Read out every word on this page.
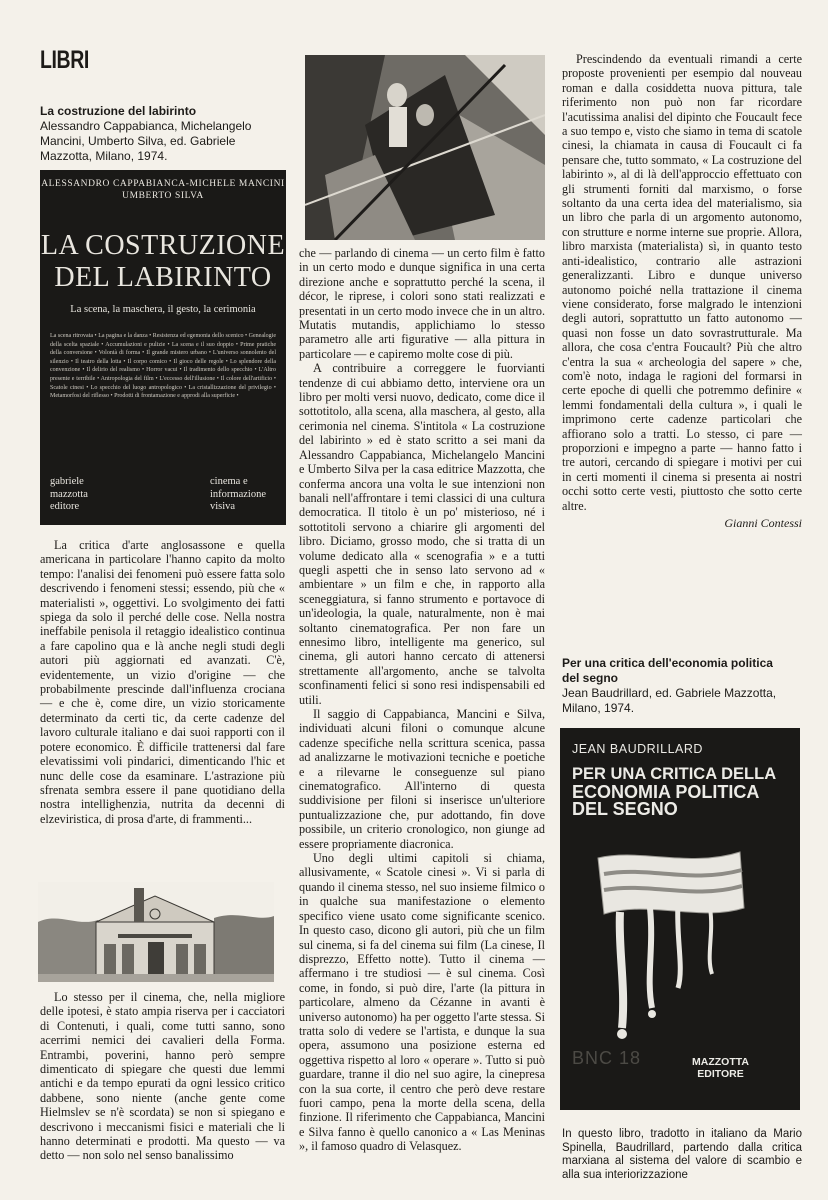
LIBRI
La costruzione del labirinto
Alessandro Cappabianca, Michelangelo Mancini, Umberto Silva, ed. Gabriele Mazzotta, Milano, 1974.
ALESSANDRO CAPPABIANCA-MICHELE MANCINI
UMBERTO SILVA
LA COSTRUZIONE
DEL LABIRINTO
La scena, la maschera, il gesto, la cerimonia
La scena ritrovata • La pagina e la danza • Resistenza ed egemonia dello scenico • Genealogie della scelta spaziale • Accumulazioni e pulizie • La scena e il suo doppio • Prime pratiche della conversione • Volontà di forma • Il grande mistero urbano • L'universo sonnolento del silenzio • Il teatro della lotta • Il corpo comico • Il gioco delle regole • Lo splendore della convenzione • Il delirio del realismo • Horror vacui • Il tradimento dello specchio • L'Altro presente e terribile • Antropologia del film • L'eccesso dell'illusione • Il colore dell'artificio • Scatole cinesi • Lo specchio del luogo antropologico • La cristallizzazione del privilegio • Metamorfosi del riflesso • Prodotti di frontamazione e approdi alla superficie •
gabriele
mazzotta
editore
cinema e
informazione
visiva

La critica d'arte anglosassone e quella americana in particolare l'hanno capito da molto tempo: l'analisi dei fenomeni può essere fatta solo descrivendo i fenomeni stessi; essendo, più che « materialisti », oggettivi. Lo svolgimento dei fatti spiega da solo il perché delle cose. Nella nostra ineffabile penisola il retaggio idealistico continua a fare capolino qua e là anche negli studi degli autori più aggiornati ed avanzati. C'è, evidentemente, un vizio d'origine — che probabilmente prescinde dall'influenza crociana — e che è, come dire, un vizio storicamente determinato da certi tic, da certe cadenze del lavoro culturale italiano e dai suoi rapporti con il potere economico. È difficile trattenersi dal fare elevatissimi voli pindarici, dimenticando l'hic et nunc delle cose da esaminare. L'astrazione più sfrenata sembra essere il pane quotidiano della nostra intellighenzia, nutrita da decenni di elzeviristica, di prosa d'arte, di frammenti...

Lo stesso per il cinema, che, nella migliore delle ipotesi, è stato ampia riserva per i cacciatori di Contenuti, i quali, come tutti sanno, sono acerrimi nemici dei cavalieri della Forma. Entrambi, poverini, hanno però sempre dimenticato di spiegare che questi due lemmi antichi e da tempo epurati da ogni lessico critico dabbene, sono niente (anche gente come Hielmslev se n'è scordata) se non si spiegano e descrivono i meccanismi fisici e materiali che li hanno determinati e prodotti. Ma questo — va detto — non solo nel senso banalissimo

che — parlando di cinema — un certo film è fatto in un certo modo e dunque significa in una certa direzione anche e soprattutto perché la scena, il décor, le riprese, i colori sono stati realizzati e presentati in un certo modo invece che in un altro. Mutatis mutandis, applichiamo lo stesso parametro alle arti figurative — alla pittura in particolare — e capiremo molte cose di più.

A contribuire a correggere le fuorvianti tendenze di cui abbiamo detto, interviene ora un libro per molti versi nuovo, dedicato, come dice il sottotitolo, alla scena, alla maschera, al gesto, alla cerimonia nel cinema. S'intitola « La costruzione del labirinto » ed è stato scritto a sei mani da Alessandro Cappabianca, Michelangelo Mancini e Umberto Silva per la casa editrice Mazzotta, che conferma ancora una volta le sue intenzioni non banali nell'affrontare i temi classici di una cultura democratica. Il titolo è un po' misterioso, né i sottotitoli servono a chiarire gli argomenti del libro. Diciamo, grosso modo, che si tratta di un volume dedicato alla « scenografia » e a tutti quegli aspetti che in senso lato servono ad « ambientare » un film e che, in rapporto alla sceneggiatura, si fanno strumento e portavoce di un'ideologia, la quale, naturalmente, non è mai soltanto cinematografica. Per non fare un ennesimo libro, intelligente ma generico, sul cinema, gli autori hanno cercato di attenersi strettamente all'argomento, anche se talvolta sconfinamenti felici si sono resi indispensabili ed utili.

Il saggio di Cappabianca, Mancini e Silva, individuati alcuni filoni o comunque alcune cadenze specifiche nella scrittura scenica, passa ad analizzarne le motivazioni tecniche e poetiche e a rilevarne le conseguenze sul piano cinematografico. All'interno di questa suddivisione per filoni si inserisce un'ulteriore puntualizzazione che, pur adottando, fin dove possibile, un criterio cronologico, non giunge ad essere propriamente diacronica.

Uno degli ultimi capitoli si chiama, allusivamente, « Scatole cinesi ». Vi si parla di quando il cinema stesso, nel suo insieme filmico o in qualche sua manifestazione o elemento specifico viene usato come significante scenico. In questo caso, dicono gli autori, più che un film sul cinema, si fa del cinema sui film (La cinese, Il disprezzo, Effetto notte). Tutto il cinema — affermano i tre studiosi — è sul cinema. Così come, in fondo, si può dire, l'arte (la pittura in particolare, almeno da Cézanne in avanti è universo autonomo) ha per oggetto l'arte stessa. Si tratta solo di vedere se l'artista, e dunque la sua opera, assumono una posizione esterna ed oggettiva rispetto al loro « operare ». Tutto si può guardare, tranne il dio nel suo agire, la cinepresa con la sua corte, il centro che però deve restare fuori campo, pena la morte della scena, della finzione. Il riferimento che Cappabianca, Mancini e Silva fanno è quello canonico a « Las Meninas », il famoso quadro di Velasquez.

Prescindendo da eventuali rimandi a certe proposte provenienti per esempio dal nouveau roman e dalla cosiddetta nuova pittura, tale riferimento non può non far ricordare l'acutissima analisi del dipinto che Foucault fece a suo tempo e, visto che siamo in tema di scatole cinesi, la chiamata in causa di Foucault ci fa pensare che, tutto sommato, « La costruzione del labirinto », al di là dell'approccio effettuato con gli strumenti forniti dal marxismo, o forse soltanto da una certa idea del materialismo, sia un libro che parla di un argomento autonomo, con strutture e norme interne sue proprie. Allora, libro marxista (materialista) sì, in quanto testo anti-idealistico, contrario alle astrazioni generalizzanti. Libro e dunque universo autonomo poiché nella trattazione il cinema viene considerato, forse malgrado le intenzioni degli autori, soprattutto un fatto autonomo — quasi non fosse un dato sovrastrutturale. Ma allora, che cosa c'entra Foucault? Più che altro c'entra la sua « archeologia del sapere » che, com'è noto, indaga le ragioni del formarsi in certe epoche di quelli che potremmo definire « lemmi fondamentali della cultura », i quali le imprimono certe cadenze particolari che affiorano solo a tratti. Lo stesso, ci pare — proporzioni e impegno a parte — hanno fatto i tre autori, cercando di spiegare i motivi per cui in certi momenti il cinema si presenta ai nostri occhi sotto certe vesti, piuttosto che sotto certe altre.

Gianni Contessi
Per una critica dell'economia politica
del segno
Jean Baudrillard, ed. Gabriele Mazzotta, Milano, 1974.
JEAN BAUDRILLARD
PER UNA CRITICA DELLA
ECONOMIA POLITICA
DEL SEGNO
BNC 18	MAZZOTTA
EDITORE
In questo libro, tradotto in italiano da Mario Spinella, Baudrillard, partendo dalla critica marxiana al sistema del valore di scambio e alla sua interiorizzazione
